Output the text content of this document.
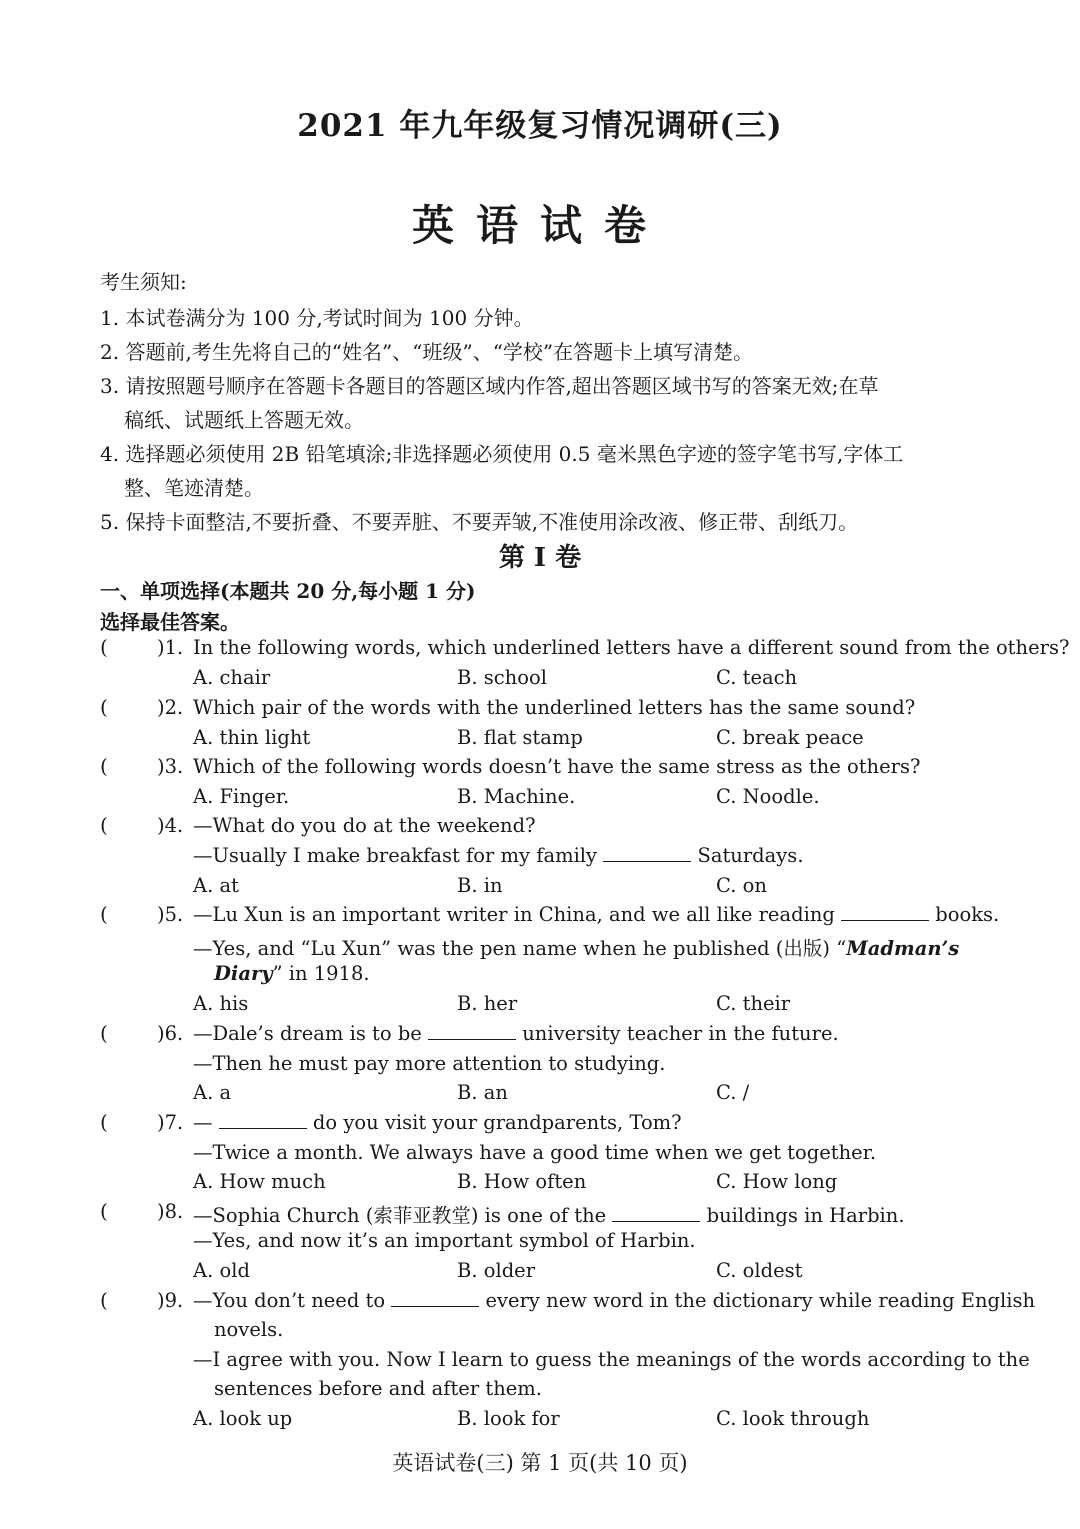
2021 年九年级复习情况调研(三)
英语试卷
考生须知:
1. 本试卷满分为 100 分,考试时间为 100 分钟。
2. 答题前,考生先将自己的“姓名”、“班级”、“学校”在答题卡上填写清楚。
3. 请按照题号顺序在答题卡各题目的答题区域内作答,超出答题区域书写的答案无效;在草
稿纸、试题纸上答题无效。
4. 选择题必须使用 2B 铅笔填涂;非选择题必须使用 0.5 毫米黑色字迹的签字笔书写,字体工
整、笔迹清楚。
5. 保持卡面整洁,不要折叠、不要弄脏、不要弄皱,不准使用涂改液、修正带、刮纸刀。
第 I 卷
一、单项选择(本题共 20 分,每小题 1 分)
选择最佳答案。
(	)1. In the following words, which underlined letters have a different sound from the others?
A. chair	B. school	C. teach
(	)2. Which pair of the words with the underlined letters has the same sound?
A. thin light	B. flat stamp	C. break peace
(	)3. Which of the following words doesn’t have the same stress as the others?
A. Finger.	B. Machine.	C. Noodle.
(	)4. —What do you do at the weekend?
—Usually I make breakfast for my family	Saturdays.
A. at	B. in	C. on
(	)5. —Lu Xun is an important writer in China, and we all like reading	books.
—Yes, and “Lu Xun” was the pen name when he published (出版) “Madman’s
Diary” in 1918.
A. his	B. her	C. their
(	)6. —Dale’s dream is to be	university teacher in the future.
—Then he must pay more attention to studying.
A. a	B. an	C. /
(	)7. —	do you visit your grandparents, Tom?
—Twice a month. We always have a good time when we get together.
A. How much	B. How often	C. How long
(	)8. —Sophia Church (索菲亚教堂) is one of the	buildings in Harbin.
—Yes, and now it’s an important symbol of Harbin.
A. old	B. older	C. oldest
(	)9. —You don’t need to	every new word in the dictionary while reading English
novels.
—I agree with you. Now I learn to guess the meanings of the words according to the
sentences before and after them.
A. look up	B. look for	C. look through
英语试卷(三) 第 1 页(共 10 页)
